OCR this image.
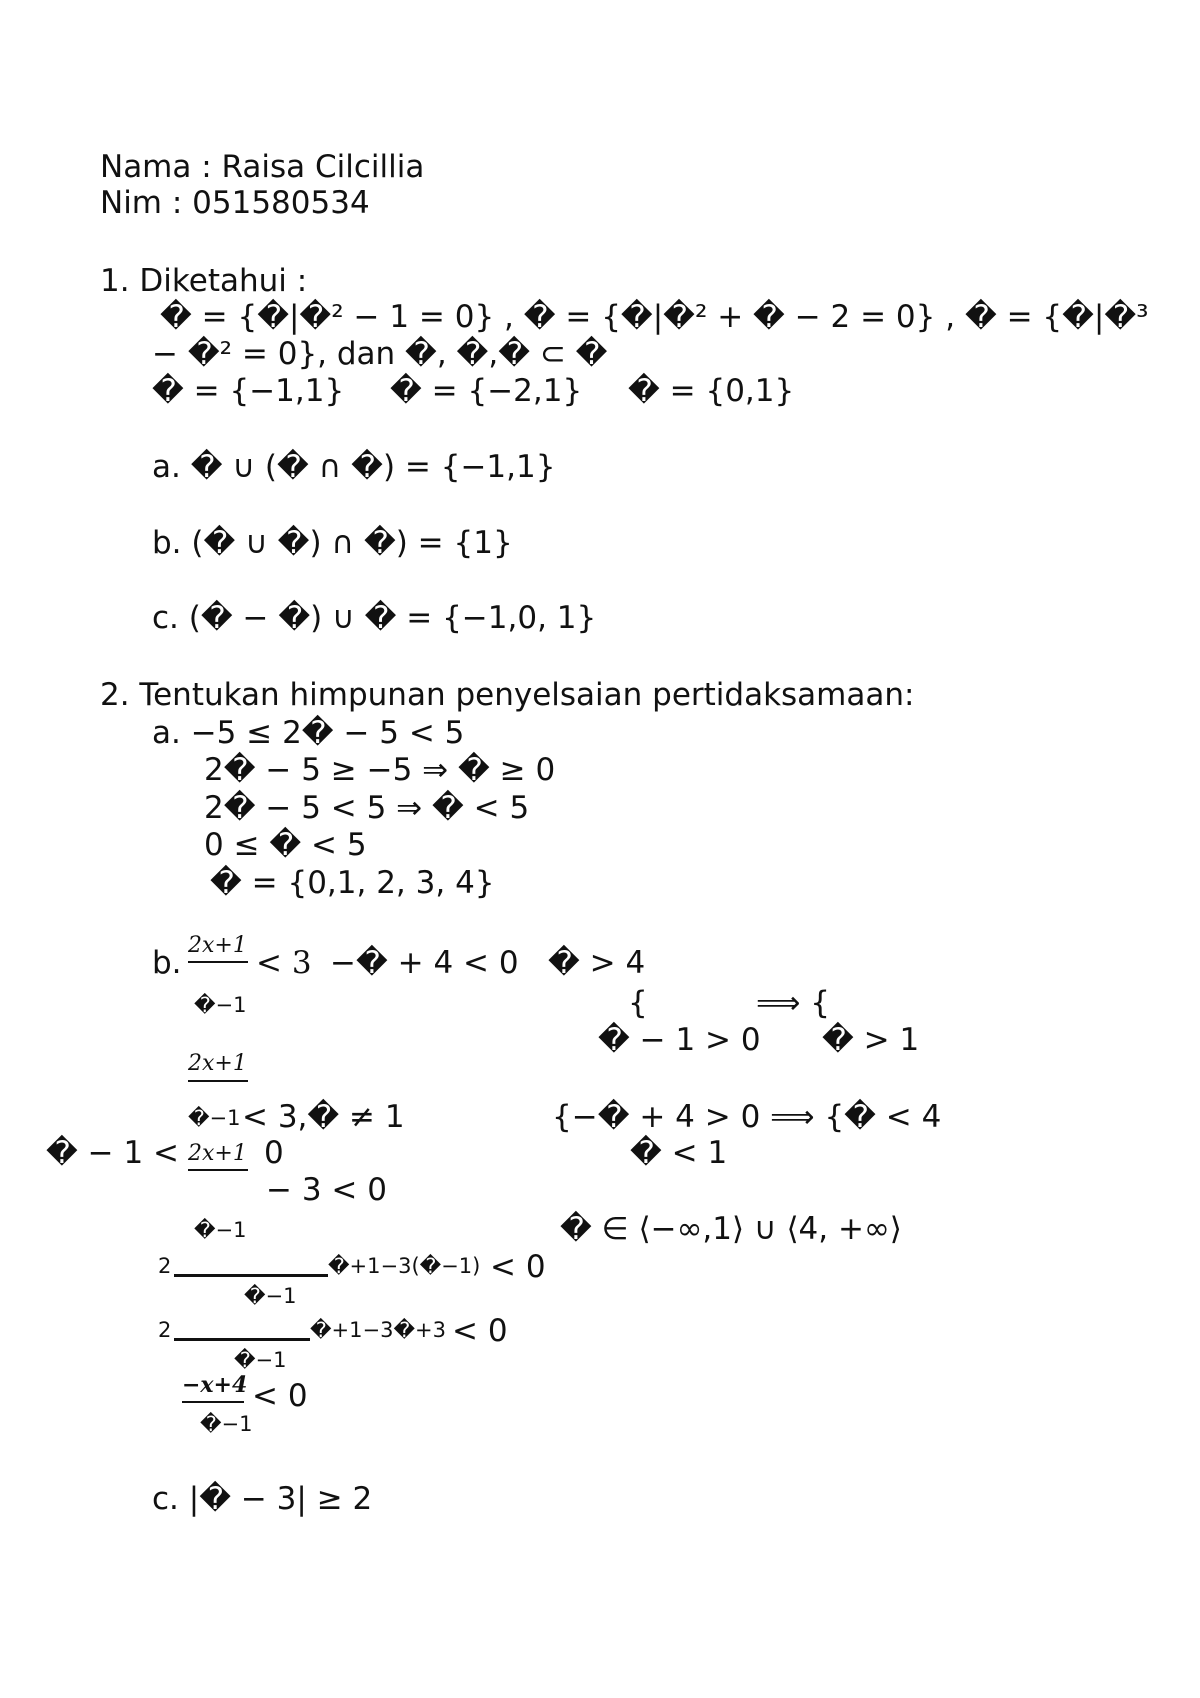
Nama : Raisa Cilcillia
Nim : 051580534
1. Diketahui :
� = {�|�² − 1 = 0} , � = {�|�² + � − 2 = 0} , � = {�|�³
− �² = 0}, dan �, �,� ⊂ �
� = {−1,1} � = {−2,1} � = {0,1}
a. � ∪ (� ∩ �) = {−1,1}
b. (� ∪ �) ∩ �) = {1}
c. (� − �) ∪ � = {−1,0, 1}
2. Tentukan himpunan penyelsaian pertidaksamaan:
a. −5 ≤ 2� − 5 < 5
2� − 5 ≥ −5 ⇒ � ≥ 0
2� − 5 < 5 ⇒ � < 5
0 ≤ � < 5
� = {0,1, 2, 3, 4}
b. 2x+1
�−1
< 3 −� + 4 < 0 � > 4
{	⟹ {
� − 1 > 0 � > 1
2x+1
�−1 < 3,� ≠ 1	{−� + 4 > 0 ⟹ {� < 4
� − 1 < 2x+1 0	� < 1
− 3 < 0
�−1	� ∈ ⟨−∞,1⟩ ∪ ⟨4, +∞⟩
2	�+1−3(�−1) < 0
�−1
2	�+1−3�+3 < 0
�−1
−x+4 < 0
�−1
c. |� − 3| ≥ 2
